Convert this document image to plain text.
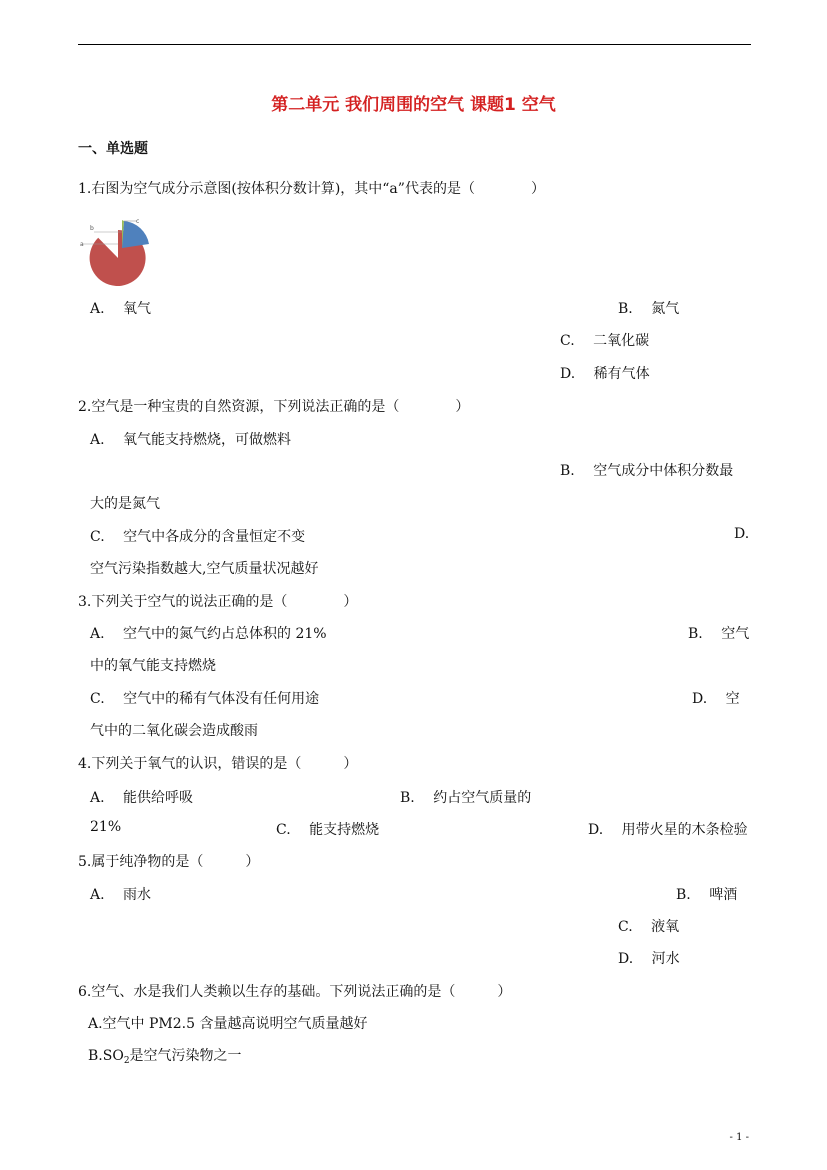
第二单元 我们周围的空气 课题1 空气
一、单选题
1.右图为空气成分示意图(按体积分数计算)，其中“a”代表的是（　　　　）
a
b
c
A.　 氧气	B.　 氮气
C.　 二氧化碳
D.　 稀有气体
2.空气是一种宝贵的自然资源，下列说法正确的是（　　　　）
A.　 氧气能支持燃烧，可做燃料
B.　 空气成分中体积分数最
大的是氮气
C.　 空气中各成分的含量恒定不变	D.
空气污染指数越大,空气质量状况越好
3.下列关于空气的说法正确的是（　　　　）
A.　 空气中的氮气约占总体积的 21%	B.　 空气
中的氧气能支持燃烧
C.　 空气中的稀有气体没有任何用途	D.　 空
气中的二氧化碳会造成酸雨
4.下列关于氧气的认识，错误的是（　　　）
A.　 能供给呼吸	B.　 约占空气质量的
21%	C.　 能支持燃烧	D.　 用带火星的木条检验
5.属于纯净物的是（　　　）
A.　 雨水	B.　 啤酒
C.　 液氧
D.　 河水
6.空气、水是我们人类赖以生存的基础。下列说法正确的是（　　　）
A.空气中 PM2.5 含量越高说明空气质量越好
$B.SO_2$是空气污染物之一
- 1 -
